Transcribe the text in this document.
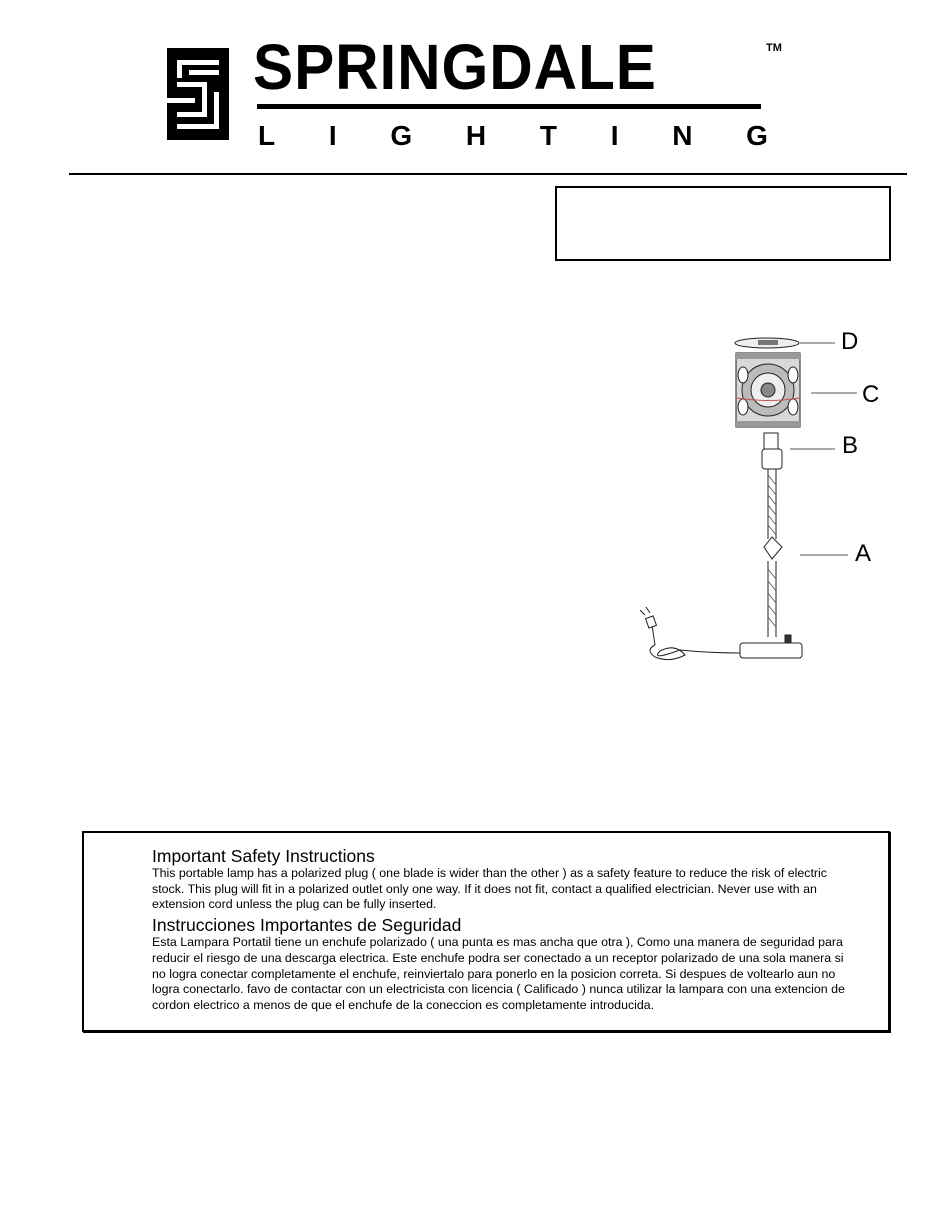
SPRINGDALE	TM
L I G H T I N G
D
C
B
A
Important Safety Instructions

This portable lamp has a polarized plug ( one blade is wider than the other ) as a safety feature to reduce the risk of electric stock. This plug will fit in a polarized outlet only one way. If it does not fit, contact a qualified electrician. Never use with an extension cord unless the plug can be fully inserted.

Instrucciones Importantes de Seguridad

Esta Lampara Portatil tiene un enchufe polarizado ( una punta es mas ancha que otra ), Como una manera de seguridad para reducir el riesgo de una descarga electrica. Este enchufe podra ser conectado a un receptor polarizado de una sola manera si no logra conectar completamente el enchufe, reinviertalo para ponerlo en la posicion correta. Si despues de voltearlo aun no logra conectarlo. favo de contactar con un electricista con licencia ( Calificado ) nunca utilizar la lampara con una extencion de cordon electrico a menos de que el enchufe de la coneccion es completamente introducida.
